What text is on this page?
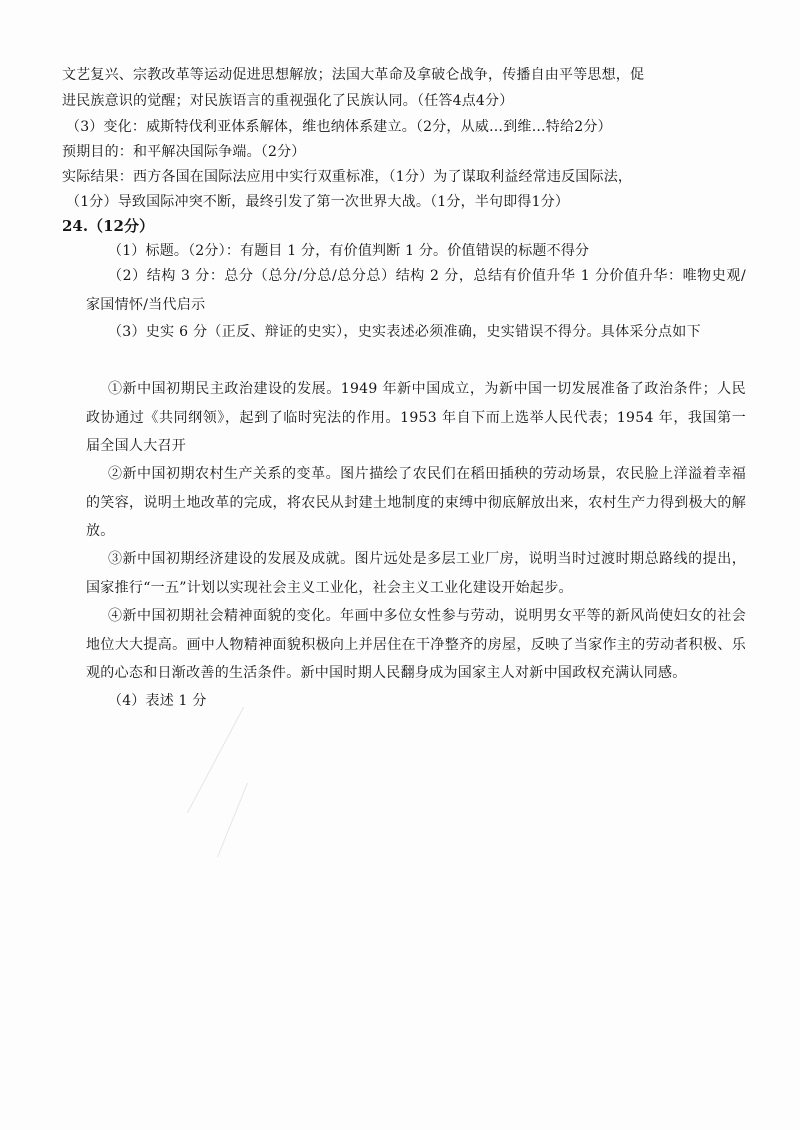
文艺复兴、宗教改革等运动促进思想解放；法国大革命及拿破仑战争，传播自由平等思想，促
进民族意识的觉醒；对民族语言的重视强化了民族认同。（任答4点4分）
（3）变化：威斯特伐利亚体系解体，维也纳体系建立。（2分，从威…到维…特给2分）
预期目的：和平解决国际争端。（2分）
实际结果：西方各国在国际法应用中实行双重标准，（1分）为了谋取利益经常违反国际法，
（1分）导致国际冲突不断，最终引发了第一次世界大战。（1分，半句即得1分）
24.（12分）
（1）标题。（2分）：有题目 1 分，有价值判断 1 分。价值错误的标题不得分
（2）结构 3 分：总分（总分/分总/总分总）结构 2 分，总结有价值升华 1 分价值升华：唯物史观/家国情怀/当代启示
（3）史实 6 分（正反、辩证的史实），史实表述必须准确，史实错误不得分。具体采分点如下
①新中国初期民主政治建设的发展。1949 年新中国成立，为新中国一切发展准备了政治条件；人民政协通过《共同纲领》，起到了临时宪法的作用。1953 年自下而上选举人民代表；1954 年，我国第一届全国人大召开
②新中国初期农村生产关系的变革。图片描绘了农民们在稻田插秧的劳动场景，农民脸上洋溢着幸福的笑容，说明土地改革的完成，将农民从封建土地制度的束缚中彻底解放出来，农村生产力得到极大的解放。
③新中国初期经济建设的发展及成就。图片远处是多层工业厂房，说明当时过渡时期总路线的提出，国家推行“一五”计划以实现社会主义工业化，社会主义工业化建设开始起步。
④新中国初期社会精神面貌的变化。年画中多位女性参与劳动，说明男女平等的新风尚使妇女的社会地位大大提高。画中人物精神面貌积极向上并居住在干净整齐的房屋，反映了当家作主的劳动者积极、乐观的心态和日渐改善的生活条件。新中国时期人民翻身成为国家主人对新中国政权充满认同感。
（4）表述 1 分
